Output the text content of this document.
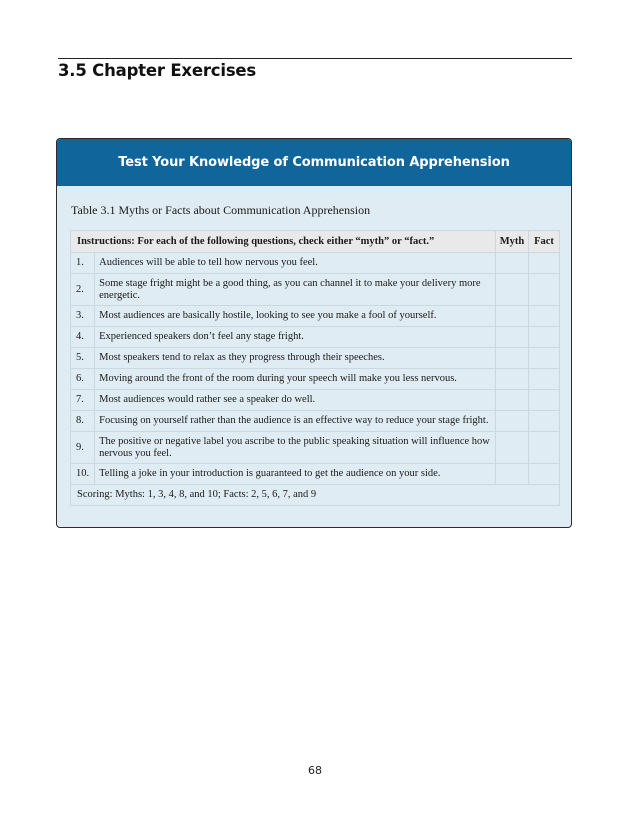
3.5 Chapter Exercises
Test Your Knowledge of Communication Apprehension
Table 3.1 Myths or Facts about Communication Apprehension
Instructions: For each of the following questions, check either “myth” or “fact.”		Myth	Fact
1.	Audiences will be able to tell how nervous you feel.		
2.	Some stage fright might be a good thing, as you can channel it to make your delivery more energetic.		
3.	Most audiences are basically hostile, looking to see you make a fool of yourself.		
4.	Experienced speakers don’t feel any stage fright.		
5.	Most speakers tend to relax as they progress through their speeches.		
6.	Moving around the front of the room during your speech will make you less nervous.		
7.	Most audiences would rather see a speaker do well.		
8.	Focusing on yourself rather than the audience is an effective way to reduce your stage fright.		
9.	The positive or negative label you ascribe to the public speaking situation will influence how nervous you feel.		
10.	Telling a joke in your introduction is guaranteed to get the audience on your side.		
Scoring: Myths: 1, 3, 4, 8, and 10; Facts: 2, 5, 6, 7, and 9			
68
